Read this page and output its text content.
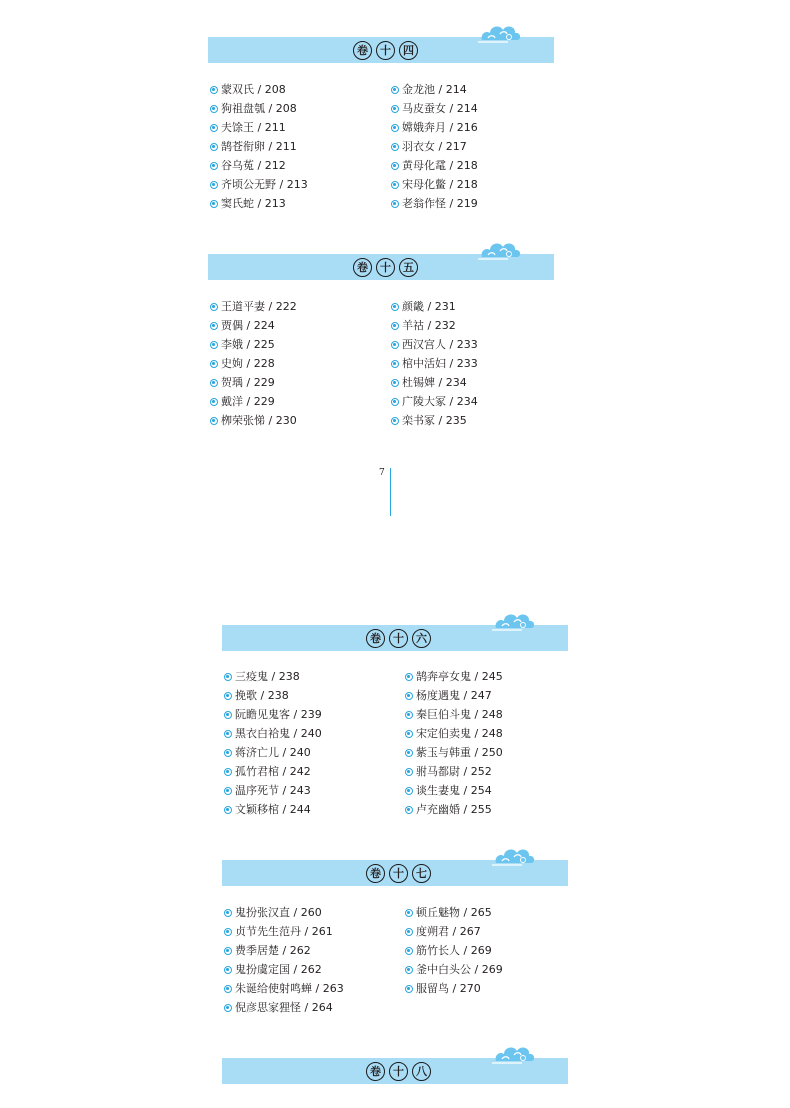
卷	十	四
蒙双氏 / 208
狗祖盘瓠 / 208
夫馀王 / 211
鹄苍衔卵 / 211
谷乌菟 / 212
齐顷公无野 / 213
窦氏蛇 / 213
金龙池 / 214
马皮蚕女 / 214
嫦娥奔月 / 216
羽衣女 / 217
黄母化鼋 / 218
宋母化鳖 / 218
老翁作怪 / 219
卷	十	五
王道平妻 / 222
贾偶 / 224
李娥 / 225
史姁 / 228
贺瑀 / 229
戴洋 / 229
栁荣张悌 / 230
颜畿 / 231
羊祜 / 232
西汉宫人 / 233
棺中活妇 / 233
杜锡婢 / 234
广陵大冢 / 234
栾书冢 / 235
7
卷	十	六
三疫鬼 / 238
挽歌 / 238
阮瞻见鬼客 / 239
黑衣白袷鬼 / 240
蒋济亡儿 / 240
孤竹君棺 / 242
温序死节 / 243
文颖移棺 / 244
鹄奔亭女鬼 / 245
杨度遇鬼 / 247
秦巨伯斗鬼 / 248
宋定伯卖鬼 / 248
紫玉与韩重 / 250
驸马都尉 / 252
谈生妻鬼 / 254
卢充幽婚 / 255
卷	十	七
鬼扮张汉直 / 260
贞节先生范丹 / 261
费季居楚 / 262
鬼扮虞定国 / 262
朱诞给使射鸣蝉 / 263
倪彦思家狸怪 / 264
顿丘魅物 / 265
度朔君 / 267
筋竹长人 / 269
釜中白头公 / 269
服留鸟 / 270
卷	十	八
